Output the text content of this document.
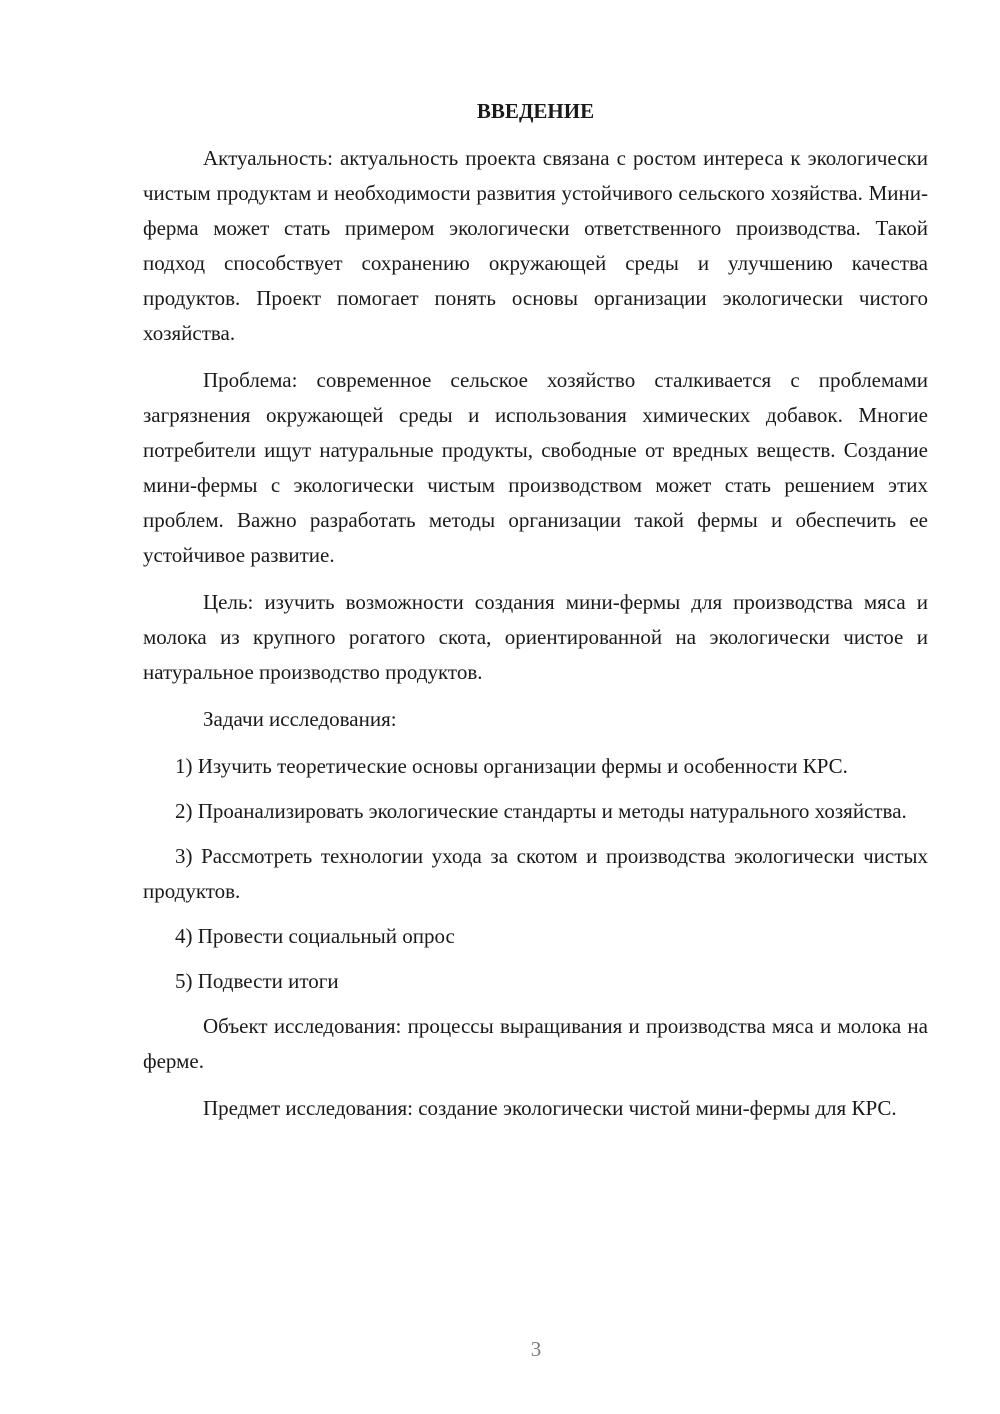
ВВЕДЕНИЕ

Актуальность: актуальность проекта связана с ростом интереса к экологически чистым продуктам и необходимости развития устойчивого сельского хозяйства. Мини-ферма может стать примером экологически ответственного производства. Такой подход способствует сохранению окружающей среды и улучшению качества продуктов. Проект помогает понять основы организации экологически чистого хозяйства.

Проблема: современное сельское хозяйство сталкивается с проблемами загрязнения окружающей среды и использования химических добавок. Многие потребители ищут натуральные продукты, свободные от вредных веществ. Создание мини-фермы с экологически чистым производством может стать решением этих проблем. Важно разработать методы организации такой фермы и обеспечить ее устойчивое развитие.

Цель: изучить возможности создания мини-фермы для производства мяса и молока из крупного рогатого скота, ориентированной на экологически чистое и натуральное производство продуктов.

Задачи исследования:

1) Изучить теоретические основы организации фермы и особенности КРС.

2) Проанализировать экологические стандарты и методы натурального хозяйства.

3) Рассмотреть технологии ухода за скотом и производства экологически чистых продуктов.

4) Провести социальный опрос

5) Подвести итоги

Объект исследования: процессы выращивания и производства мяса и молока на ферме.

Предмет исследования: создание экологически чистой мини-фермы для КРС.

3
